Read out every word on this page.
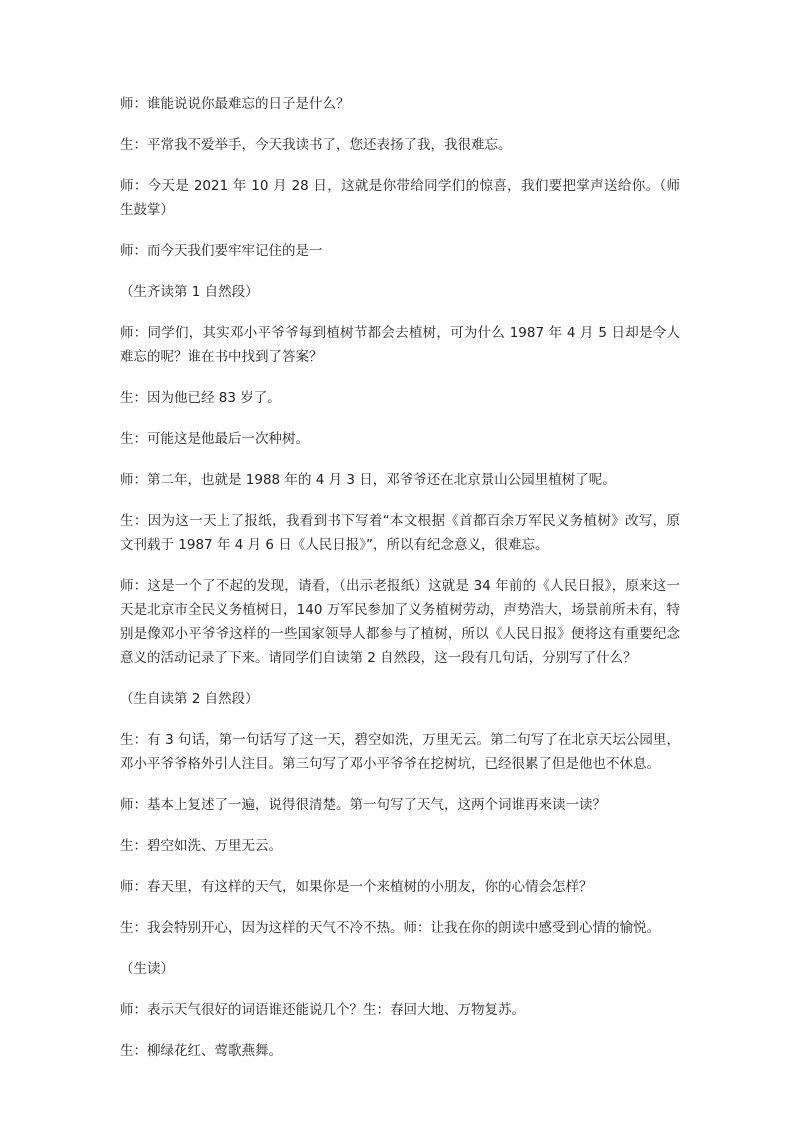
师：谁能说说你最难忘的日子是什么？

生：平常我不爱举手，今天我读书了，您还表扬了我，我很难忘。

师：今天是 2021 年 10 月 28 日，这就是你带给同学们的惊喜，我们要把掌声送给你。（师生鼓掌）

师：而今天我们要牢牢记住的是一

（生齐读第 1 自然段）

师：同学们，其实邓小平爷爷每到植树节都会去植树，可为什么 1987 年 4 月 5 日却是令人难忘的呢？谁在书中找到了答案？

生：因为他已经 83 岁了。

生：可能这是他最后一次种树。

师：第二年，也就是 1988 年的 4 月 3 日，邓爷爷还在北京景山公园里植树了呢。

生：因为这一天上了报纸，我看到书下写着“本文根据《首都百余万军民义务植树》改写，原文刊载于 1987 年 4 月 6 日《人民日报》”，所以有纪念意义，很难忘。

师：这是一个了不起的发现，请看，（出示老报纸）这就是 34 年前的《人民日报》，原来这一天是北京市全民义务植树日，140 万军民参加了义务植树劳动，声势浩大，场景前所未有，特别是像邓小平爷爷这样的一些国家领导人都参与了植树，所以《人民日报》便将这有重要纪念意义的活动记录了下来。请同学们自读第 2 自然段，这一段有几句话，分别写了什么？

（生自读第 2 自然段）

生：有 3 句话，第一句话写了这一天，碧空如洗，万里无云。第二句写了在北京天坛公园里，邓小平爷爷格外引人注目。第三句写了邓小平爷爷在挖树坑，已经很累了但是他也不休息。

师：基本上复述了一遍，说得很清楚。第一句写了天气，这两个词谁再来读一读？

生：碧空如洗、万里无云。

师：春天里，有这样的天气，如果你是一个来植树的小朋友，你的心情会怎样？

生：我会特别开心，因为这样的天气不冷不热。师：让我在你的朗读中感受到心情的愉悦。

（生读）

师：表示天气很好的词语谁还能说几个？生：春回大地、万物复苏。

生：柳绿花红、莺歌燕舞。
